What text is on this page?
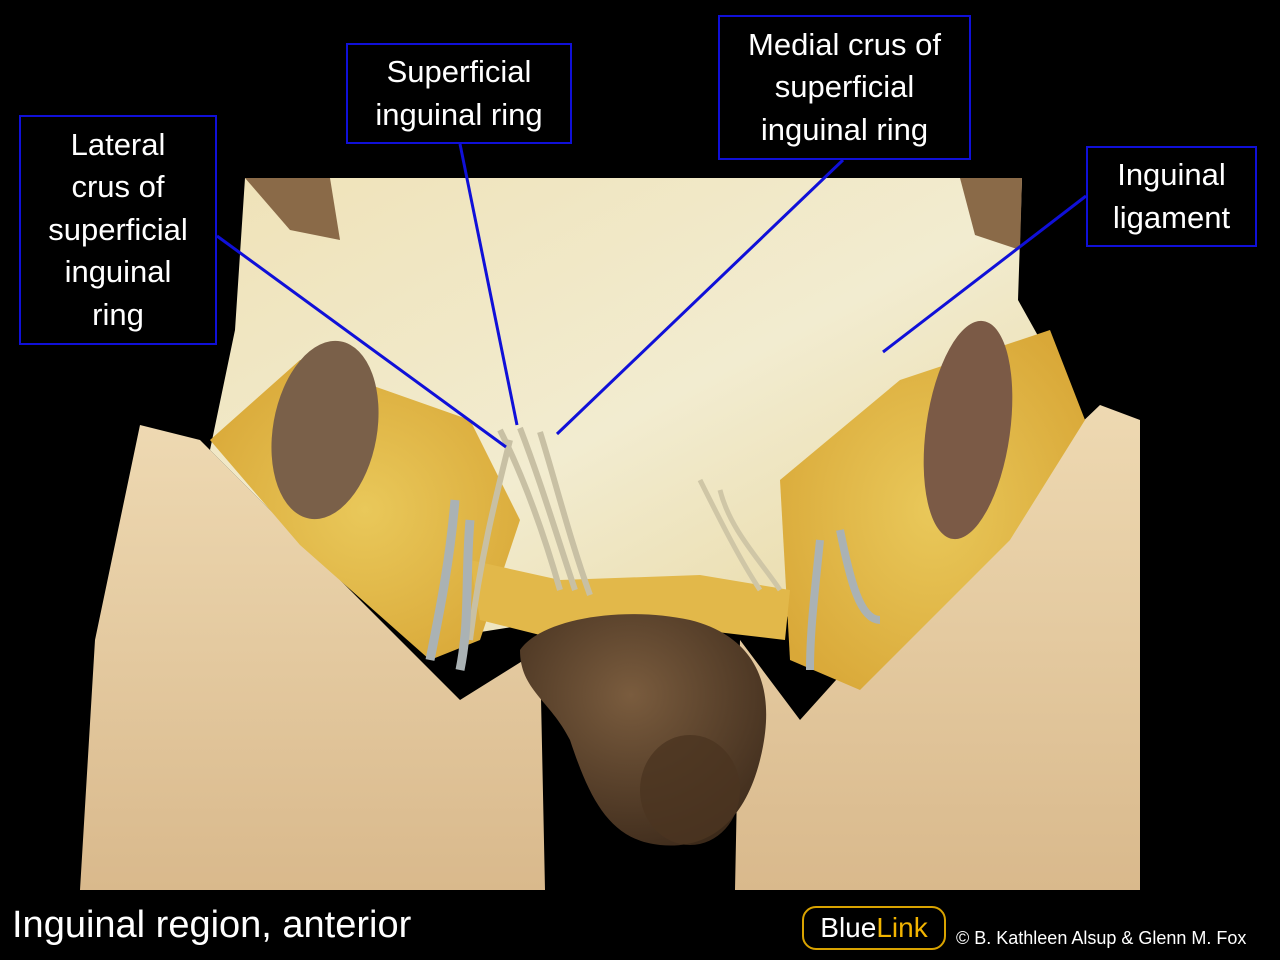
Lateral
crus of
superficial
inguinal
ring
Superficial
inguinal ring
Medial crus of
superficial
inguinal ring
Inguinal
ligament
Inguinal region, anterior	Blue Link © B. Kathleen Alsup & Glenn M. Fox
